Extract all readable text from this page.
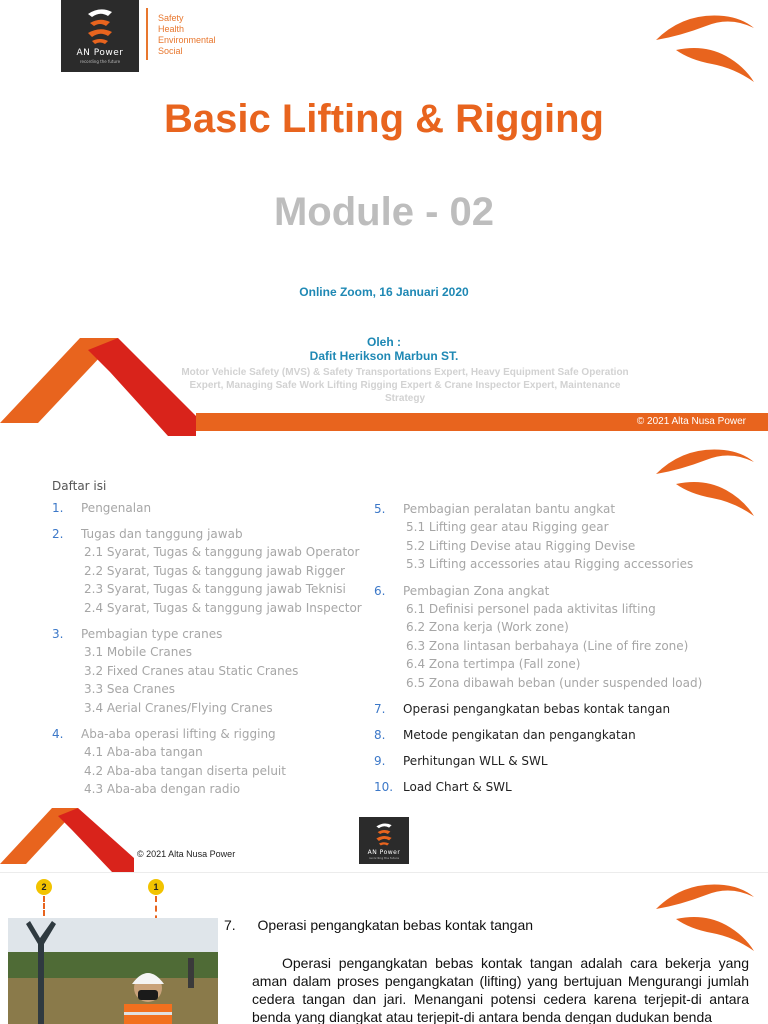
AN Power
recording the future
Safety
Health
Environmental
Social
Basic Lifting & Rigging
Module - 02
Online Zoom, 16 Januari 2020
Oleh :
Dafit Herikson Marbun ST.
Motor Vehicle Safety (MVS) & Safety Transportations Expert, Heavy Equipment Safe Operation Expert, Managing Safe Work Lifting Rigging Expert & Crane Inspector Expert, Maintenance Strategy
© 2021 Alta Nusa Power
Daftar isi
1. Pengenalan
2. Tugas dan tanggung jawab
2.1 Syarat, Tugas & tanggung jawab Operator
2.2 Syarat, Tugas & tanggung jawab Rigger
2.3 Syarat, Tugas & tanggung jawab Teknisi
2.4 Syarat, Tugas & tanggung jawab Inspector
3. Pembagian type cranes
3.1 Mobile Cranes
3.2 Fixed Cranes atau Static Cranes
3.3 Sea Cranes
3.4 Aerial Cranes/Flying Cranes
4. Aba-aba operasi lifting & rigging
4.1 Aba-aba tangan
4.2 Aba-aba tangan diserta peluit
4.3 Aba-aba dengan radio
5. Pembagian peralatan bantu angkat
5.1 Lifting gear atau Rigging gear
5.2 Lifting Devise atau Rigging Devise
5.3 Lifting accessories atau Rigging accessories
6. Pembagian Zona angkat
6.1 Definisi personel pada aktivitas lifting
6.2 Zona kerja (Work zone)
6.3 Zona lintasan berbahaya (Line of fire zone)
6.4 Zona tertimpa (Fall zone)
6.5 Zona dibawah beban (under suspended load)
7. Operasi pengangkatan bebas kontak tangan
8. Metode pengikatan dan pengangkatan
9. Perhitungan WLL & SWL
10. Load Chart & SWL
© 2021 Alta Nusa Power	AN Power
recording the future
2	1
7. Operasi pengangkatan bebas kontak tangan
Operasi pengangkatan bebas kontak tangan adalah cara bekerja yang aman dalam proses pengangkatan (lifting) yang bertujuan Mengurangi jumlah cedera tangan dan jari. Menangani potensi cedera karena terjepit-di antara benda yang diangkat atau terjepit-di antara benda dengan dudukan benda
